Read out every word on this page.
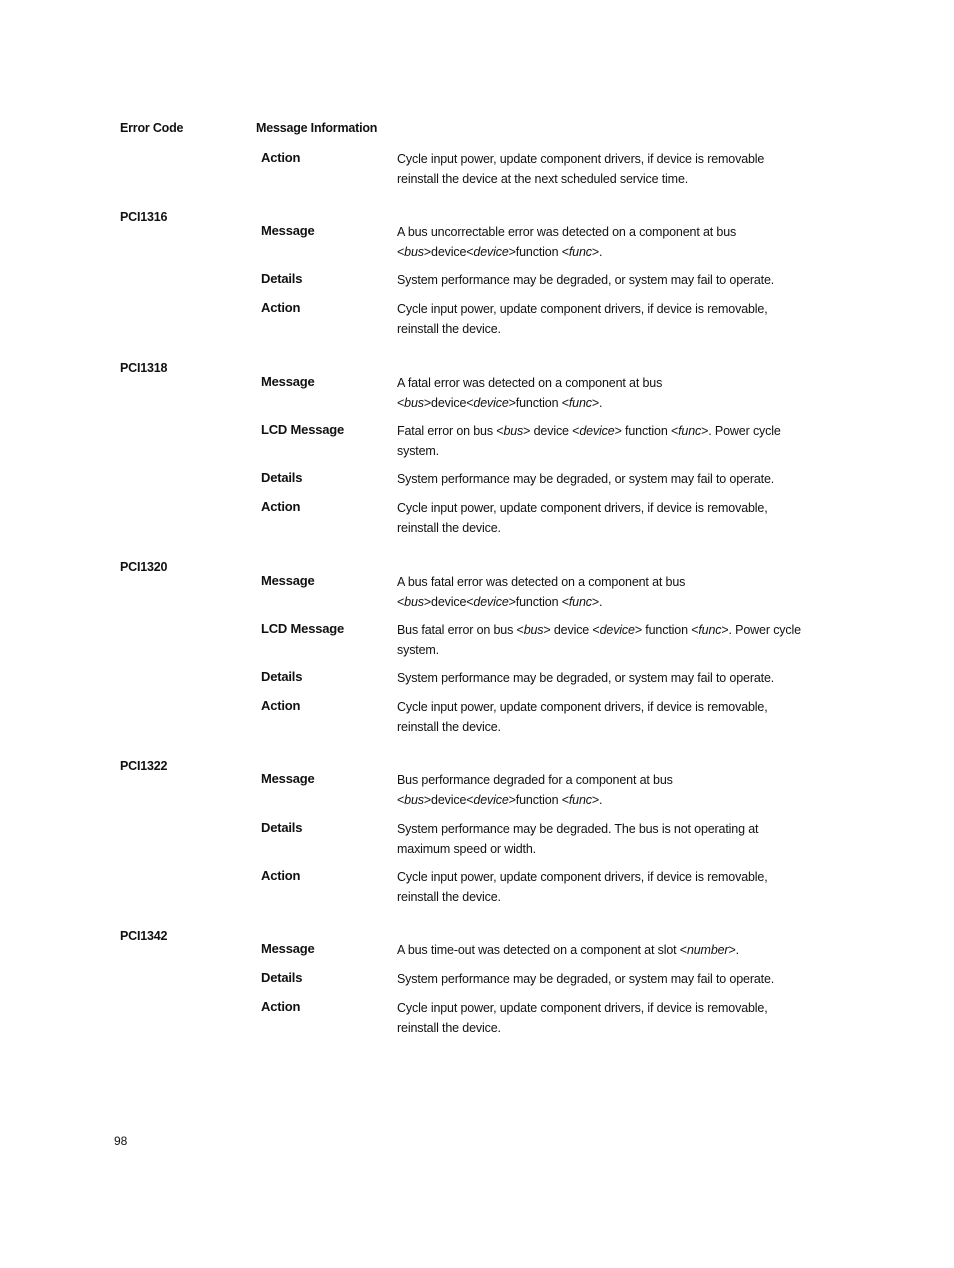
Error Code	Message Information
Action	Cycle input power, update component drivers, if device is removable reinstall the device at the next scheduled service time.
PCI1316
Message	A bus uncorrectable error was detected on a component at bus <bus>device<device>function <func>.
Details	System performance may be degraded, or system may fail to operate.
Action	Cycle input power, update component drivers, if device is removable, reinstall the device.
PCI1318
Message	A fatal error was detected on a component at bus <bus>device<device>function <func>.
LCD Message	Fatal error on bus <bus> device <device> function <func>. Power cycle system.
Details	System performance may be degraded, or system may fail to operate.
Action	Cycle input power, update component drivers, if device is removable, reinstall the device.
PCI1320
Message	A bus fatal error was detected on a component at bus <bus>device<device>function <func>.
LCD Message	Bus fatal error on bus <bus> device <device> function <func>. Power cycle system.
Details	System performance may be degraded, or system may fail to operate.
Action	Cycle input power, update component drivers, if device is removable, reinstall the device.
PCI1322
Message	Bus performance degraded for a component at bus <bus>device<device>function <func>.
Details	System performance may be degraded. The bus is not operating at maximum speed or width.
Action	Cycle input power, update component drivers, if device is removable, reinstall the device.
PCI1342
Message	A bus time-out was detected on a component at slot <number>.
Details	System performance may be degraded, or system may fail to operate.
Action	Cycle input power, update component drivers, if device is removable, reinstall the device.
98
